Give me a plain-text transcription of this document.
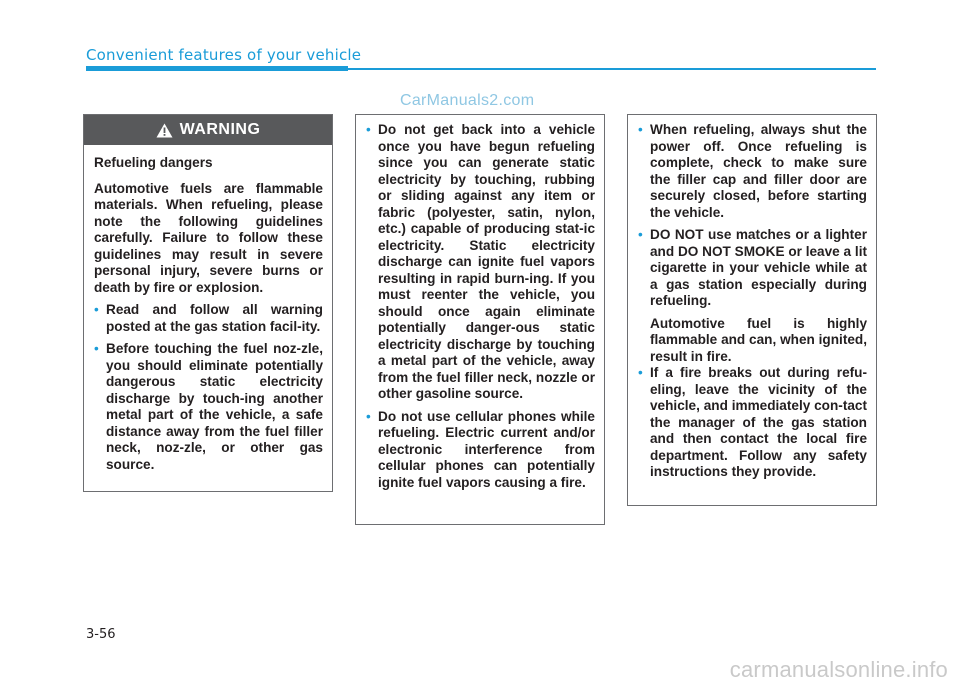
Convenient features of your vehicle
CarManuals2.com
WARNING

Refueling dangers

Automotive fuels are flammable materials. When refueling, please note the following guidelines carefully. Failure to follow these guidelines may result in severe personal injury, severe burns or death by fire or explosion.

• Read and follow all warning posted at the gas station facil-ity.

• Before touching the fuel noz-zle, you should eliminate potentially dangerous static electricity discharge by touch-ing another metal part of the vehicle, a safe distance away from the fuel filler neck, noz-zle, or other gas source.

• Do not get back into a vehicle once you have begun refueling since you can generate static electricity by touching, rubbing or sliding against any item or fabric (polyester, satin, nylon, etc.) capable of producing stat-ic electricity. Static electricity discharge can ignite fuel vapors resulting in rapid burn-ing. If you must reenter the vehicle, you should once again eliminate potentially danger-ous static electricity discharge by touching a metal part of the vehicle, away from the fuel filler neck, nozzle or other gasoline source.

• Do not use cellular phones while refueling. Electric current and/or electronic interference from cellular phones can potentially ignite fuel vapors causing a fire.

• When refueling, always shut the power off. Once refueling is complete, check to make sure the filler cap and filler door are securely closed, before starting the vehicle.

• DO NOT use matches or a lighter and DO NOT SMOKE or leave a lit cigarette in your vehicle while at a gas station especially during refueling.

Automotive fuel is highly flammable and can, when ignited, result in fire.

• If a fire breaks out during refu-eling, leave the vicinity of the vehicle, and immediately con-tact the manager of the gas station and then contact the local fire department. Follow any safety instructions they provide.

3-56
carmanualsonline.info
